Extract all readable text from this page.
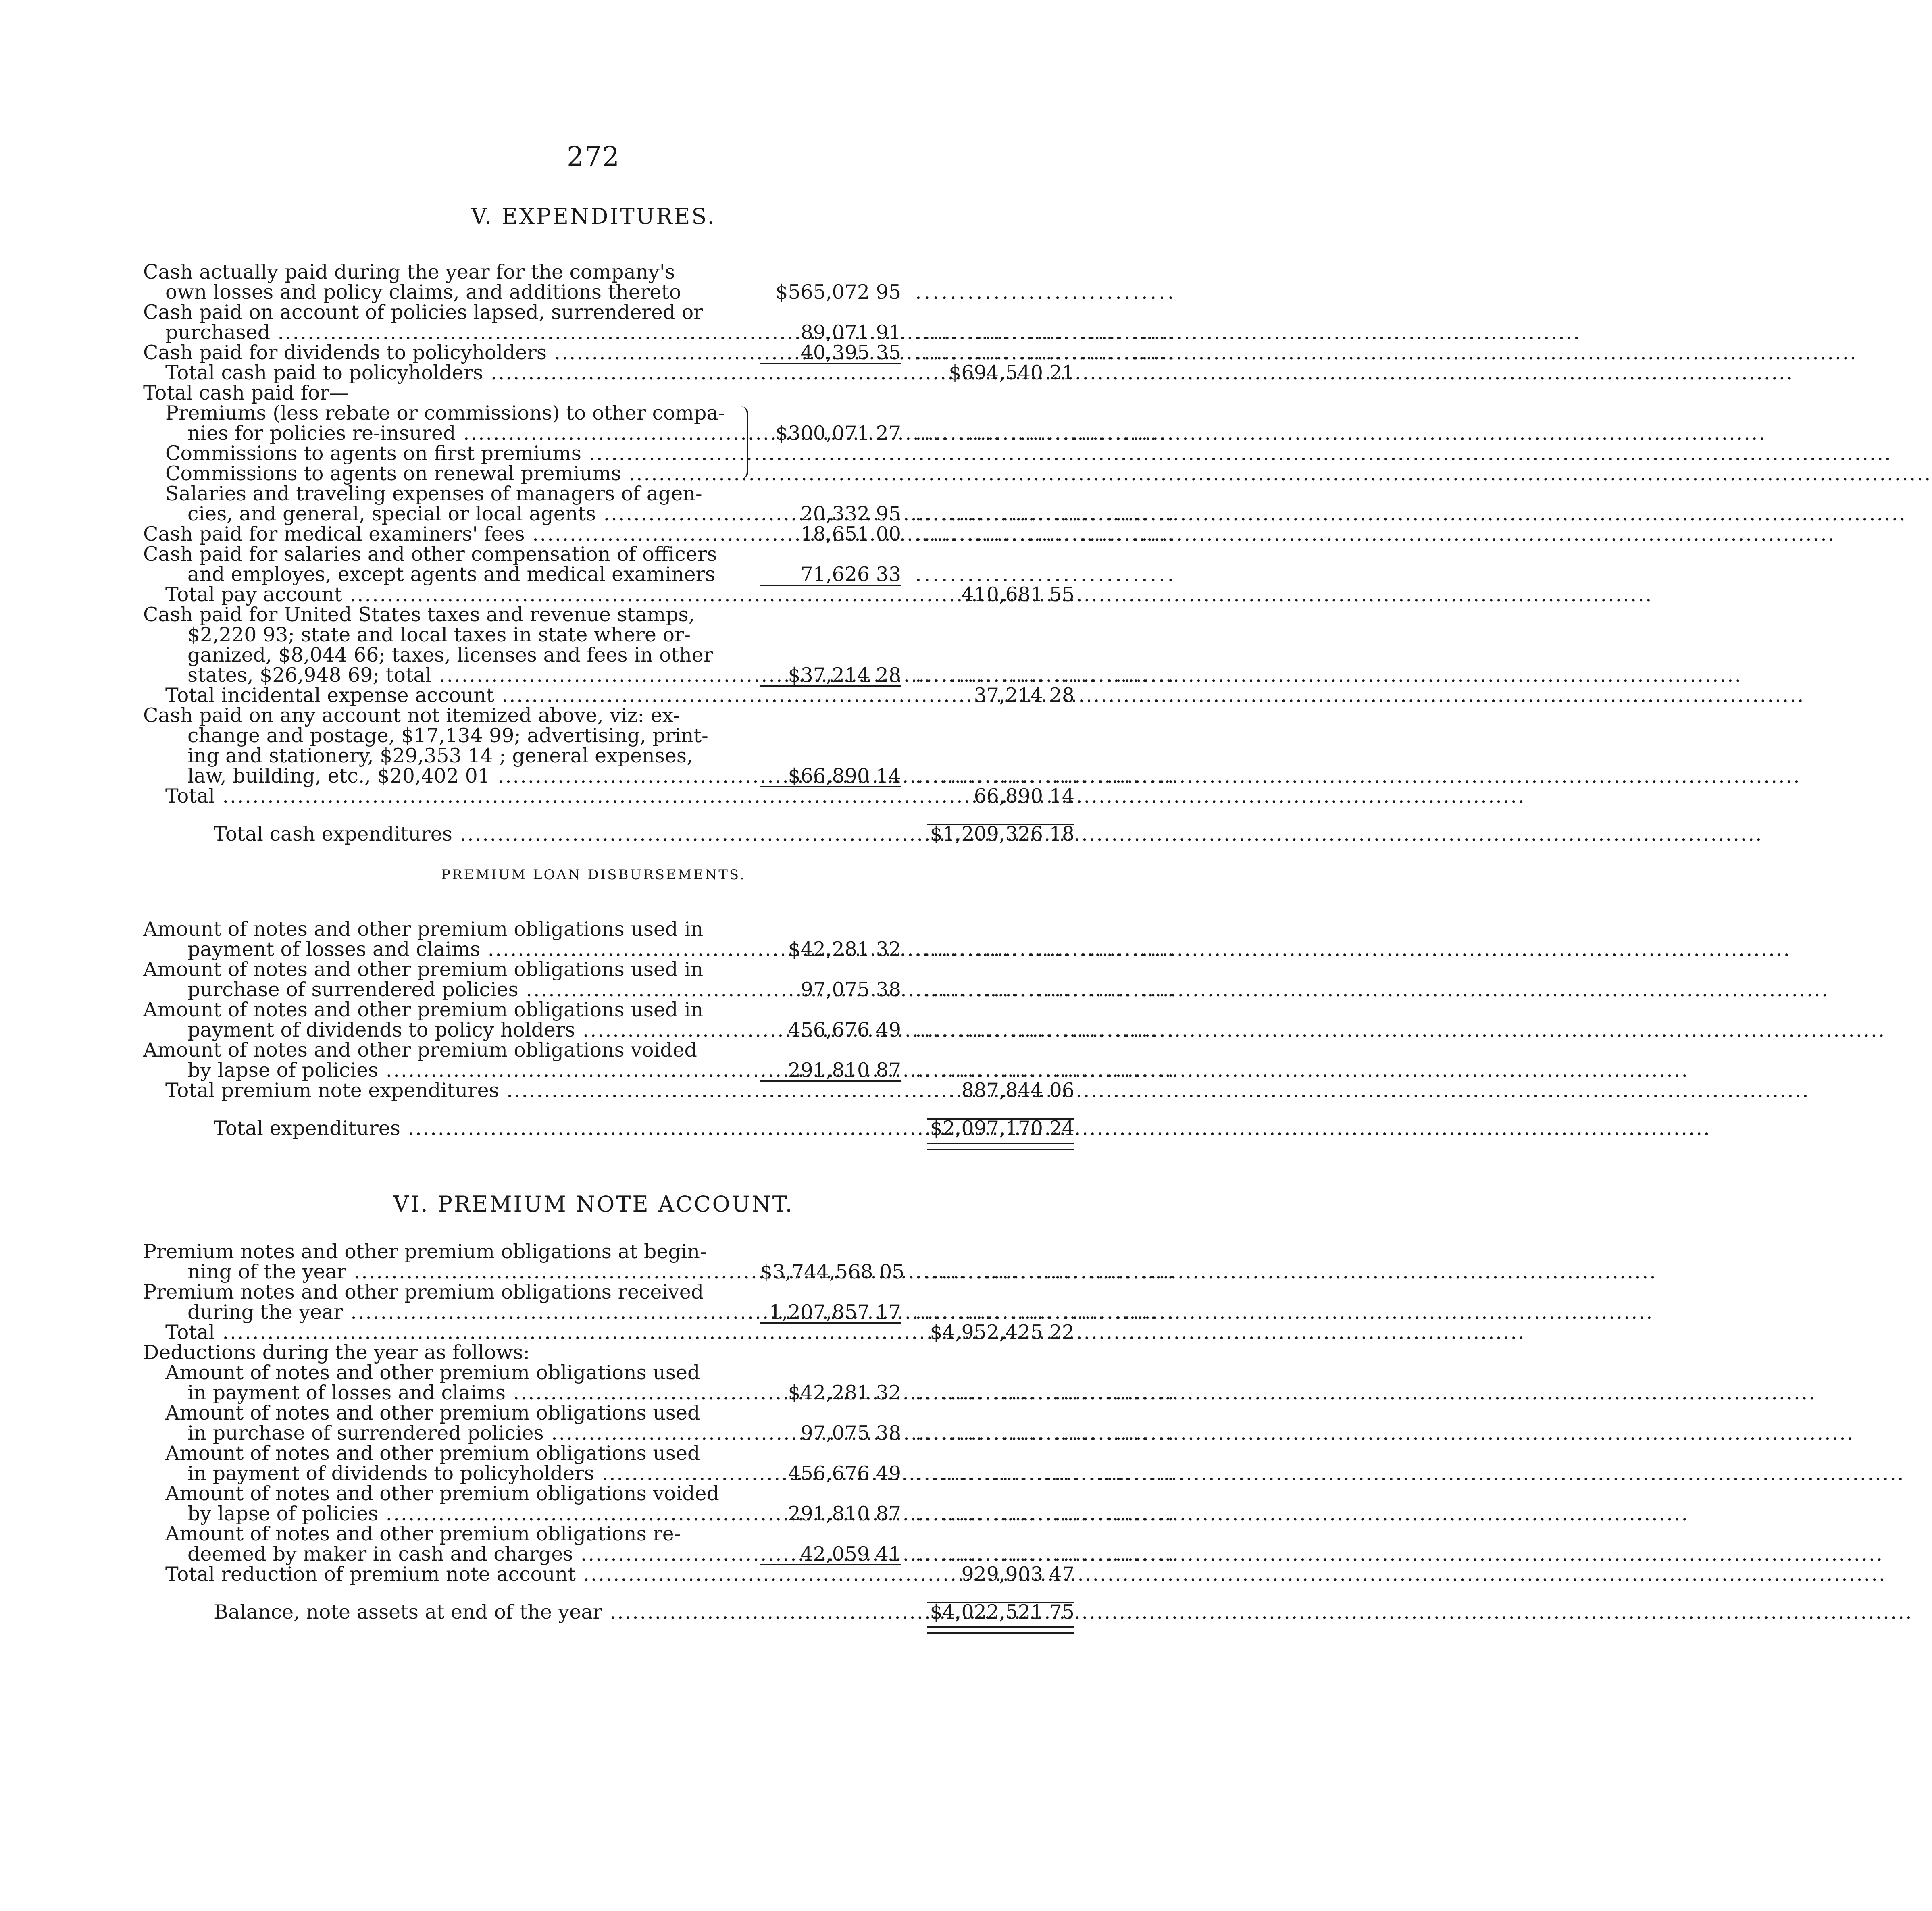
272
V. EXPENDITURES.
Cash actually paid during the year for the company's
own losses and policy claims, and additions thereto	$565,072 95 ..............................
Cash paid on account of policies lapsed, surrendered or
purchased .....	89,071 91 ..............................
Cash paid for dividends to policyholders .....	40,395 35 ..............................
Total cash paid to policyholders .....	$694,540 21
Total cash paid for—
Premiums (less rebate or commissions) to other compa-
nies for policies re-insured .....	$300,071 27 ..............................
Commissions to agents on first premiums .....
Commissions to agents on renewal premiums .....
Salaries and traveling expenses of managers of agen-
cies, and general, special or local agents .....	20,332 95 ..............................
Cash paid for medical examiners' fees .....	18,651 00 ..............................
Cash paid for salaries and other compensation of officers
and employes, except agents and medical examiners	71,626 33 ..............................
Total pay account .....	410,681 55
Cash paid for United States taxes and revenue stamps,
$2,220 93; state and local taxes in state where or-
ganized, $8,044 66; taxes, licenses and fees in other
states, $26,948 69; total .....	$37,214 28 ..............................
Total incidental expense account .....	37,214 28
Cash paid on any account not itemized above, viz: ex-
change and postage, $17,134 99; advertising, print-
ing and stationery, $29,353 14 ; general expenses,
law, building, etc., $20,402 01 .....	$66,890 14 ..............................
Total .....	66,890 14
Total cash expenditures .....	$1,209,326 18
PREMIUM LOAN DISBURSEMENTS.
Amount of notes and other premium obligations used in
payment of losses and claims .....	$42,281 32 ..............................
Amount of notes and other premium obligations used in
purchase of surrendered policies .....	97,075 38 ..............................
Amount of notes and other premium obligations used in
payment of dividends to policy holders .....	456,676 49 ..............................
Amount of notes and other premium obligations voided
by lapse of policies .....	291,810 87 ..............................
Total premium note expenditures .....	887,844 06
Total expenditures .....	$2,097,170 24
VI. PREMIUM NOTE ACCOUNT.
Premium notes and other premium obligations at begin-
ning of the year .....	$3,744,568 05 ..............................
Premium notes and other premium obligations received
during the year .....	1,207,857 17 ..............................
Total .....	$4,952,425 22
Deductions during the year as follows:
Amount of notes and other premium obligations used
in payment of losses and claims .....	$42,281 32 ..............................
Amount of notes and other premium obligations used
in purchase of surrendered policies .....	97,075 38 ..............................
Amount of notes and other premium obligations used
in payment of dividends to policyholders .....	456,676 49 ..............................
Amount of notes and other premium obligations voided
by lapse of policies .....	291,810 87 ..............................
Amount of notes and other premium obligations re-
deemed by maker in cash and charges .....	42,059 41 ..............................
Total reduction of premium note account .....	929,903 47
Balance, note assets at end of the year .....	$4,022,521 75
